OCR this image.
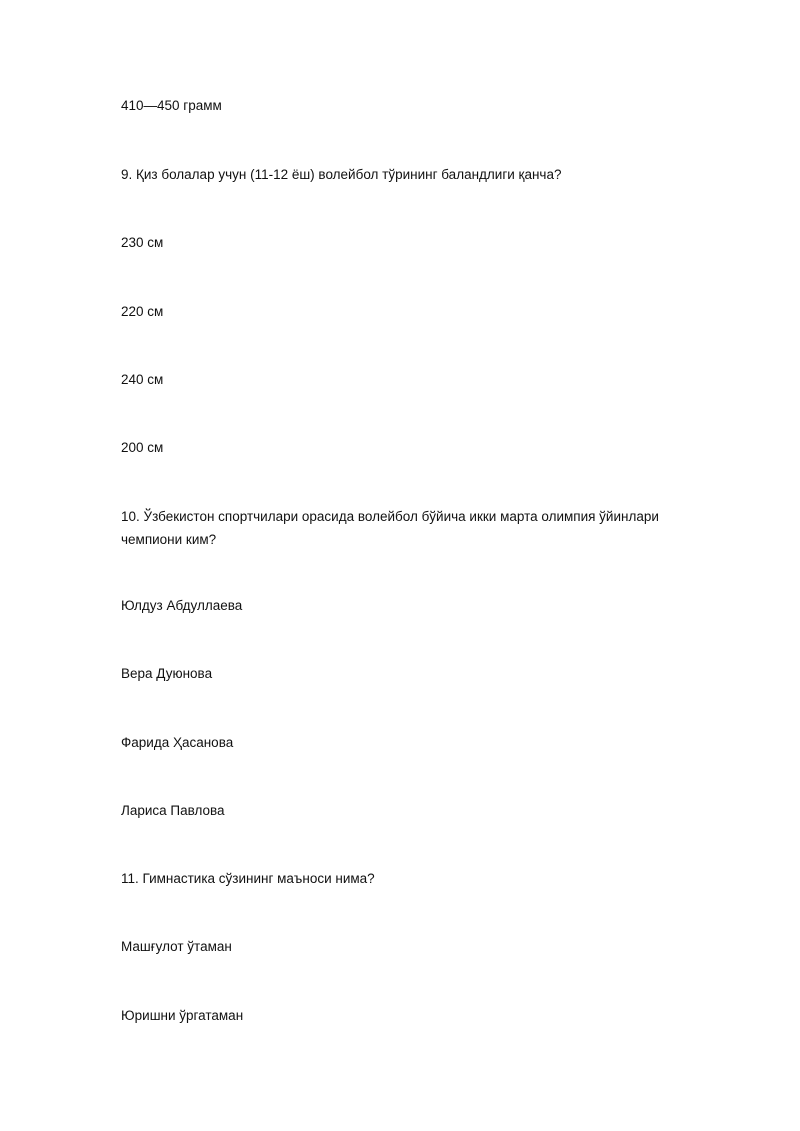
410—450 грамм

9. Қиз болалар учун (11-12 ёш) волейбол тўрининг баландлиги қанча?

230 см

220 см

240 см

200 см

10. Ўзбекистон спортчилари орасида волейбол бўйича икки марта олимпия ўйинлари чемпиони ким?

Юлдуз Абдуллаева

Вера Дуюнова

Фарида Ҳасанова

Лариса Павлова

11. Гимнастика сўзининг маъноси нима?

Машғулот ўтаман

Юришни ўргатаман
